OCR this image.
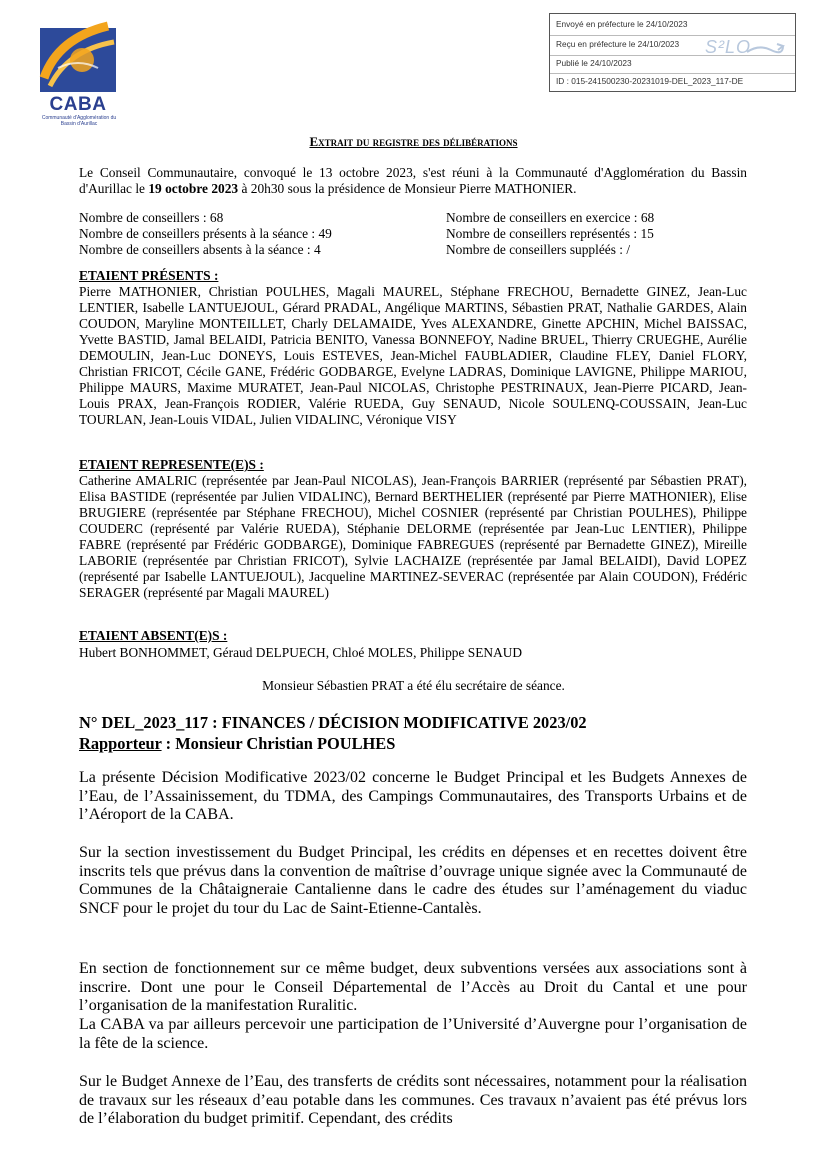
CABA
Communauté d'Agglomération du Bassin d'Aurillac
Envoyé en préfecture le 24/10/2023
Reçu en préfecture le 24/10/2023
Publié le 24/10/2023
ID : 015-241500230-20231019-DEL_2023_117-DE
S²LO
Extrait du registre des délibérations
Le Conseil Communautaire, convoqué le 13 octobre 2023, s'est réuni à la Communauté d'Agglomération du Bassin d'Aurillac le 19 octobre 2023 à 20h30 sous la présidence de Monsieur Pierre MATHONIER.
Nombre de conseillers : 68
Nombre de conseillers présents à la séance : 49
Nombre de conseillers absents à la séance : 4
Nombre de conseillers en exercice : 68
Nombre de conseillers représentés : 15
Nombre de conseillers suppléés : /
ETAIENT PRÉSENTS :
Pierre MATHONIER, Christian POULHES, Magali MAUREL, Stéphane FRECHOU, Bernadette GINEZ, Jean-Luc LENTIER, Isabelle LANTUEJOUL, Gérard PRADAL, Angélique MARTINS, Sébastien PRAT, Nathalie GARDES, Alain COUDON, Maryline MONTEILLET, Charly DELAMAIDE, Yves ALEXANDRE, Ginette APCHIN, Michel BAISSAC, Yvette BASTID, Jamal BELAIDI, Patricia BENITO, Vanessa BONNEFOY, Nadine BRUEL, Thierry CRUEGHE, Aurélie DEMOULIN, Jean-Luc DONEYS, Louis ESTEVES, Jean-Michel FAUBLADIER, Claudine FLEY, Daniel FLORY, Christian FRICOT, Cécile GANE, Frédéric GODBARGE, Evelyne LADRAS, Dominique LAVIGNE, Philippe MARIOU, Philippe MAURS, Maxime MURATET, Jean-Paul NICOLAS, Christophe PESTRINAUX, Jean-Pierre PICARD, Jean-Louis PRAX, Jean-François RODIER, Valérie RUEDA, Guy SENAUD, Nicole SOULENQ-COUSSAIN, Jean-Luc TOURLAN, Jean-Louis VIDAL, Julien VIDALINC, Véronique VISY
ETAIENT REPRESENTE(E)S :
Catherine AMALRIC (représentée par Jean-Paul NICOLAS), Jean-François BARRIER (représenté par Sébastien PRAT), Elisa BASTIDE (représentée par Julien VIDALINC), Bernard BERTHELIER (représenté par Pierre MATHONIER), Elise BRUGIERE (représentée par Stéphane FRECHOU), Michel COSNIER (représenté par Christian POULHES), Philippe COUDERC (représenté par Valérie RUEDA), Stéphanie DELORME (représentée par Jean-Luc LENTIER), Philippe FABRE (représenté par Frédéric GODBARGE), Dominique FABREGUES (représenté par Bernadette GINEZ), Mireille LABORIE (représentée par Christian FRICOT), Sylvie LACHAIZE (représentée par Jamal BELAIDI), David LOPEZ (représenté par Isabelle LANTUEJOUL), Jacqueline MARTINEZ-SEVERAC (représentée par Alain COUDON), Frédéric SERAGER (représenté par Magali MAUREL)
ETAIENT ABSENT(E)S :
Hubert BONHOMMET, Géraud DELPUECH, Chloé MOLES, Philippe SENAUD
Monsieur Sébastien PRAT a été élu secrétaire de séance.
N° DEL_2023_117 : FINANCES / DÉCISION MODIFICATIVE 2023/02
Rapporteur : Monsieur Christian POULHES
La présente Décision Modificative 2023/02 concerne le Budget Principal et les Budgets Annexes de l’Eau, de l’Assainissement, du TDMA, des Campings Communautaires, des Transports Urbains et de l’Aéroport de la CABA.
Sur la section investissement du Budget Principal, les crédits en dépenses et en recettes doivent être inscrits tels que prévus dans la convention de maîtrise d’ouvrage unique signée avec la Communauté de Communes de la Châtaigneraie Cantalienne dans le cadre des études sur l’aménagement du viaduc SNCF pour le projet du tour du Lac de Saint-Etienne-Cantalès.
En section de fonctionnement sur ce même budget, deux subventions versées aux associations sont à inscrire. Dont une pour le Conseil Départemental de l’Accès au Droit du Cantal et une pour l’organisation de la manifestation Ruralitic.
La CABA va par ailleurs percevoir une participation de l’Université d’Auvergne pour l’organisation de la fête de la science.
Sur le Budget Annexe de l’Eau, des transferts de crédits sont nécessaires, notamment pour la réalisation de travaux sur les réseaux d’eau potable dans les communes. Ces travaux n’avaient pas été prévus lors de l’élaboration du budget primitif. Cependant, des crédits
